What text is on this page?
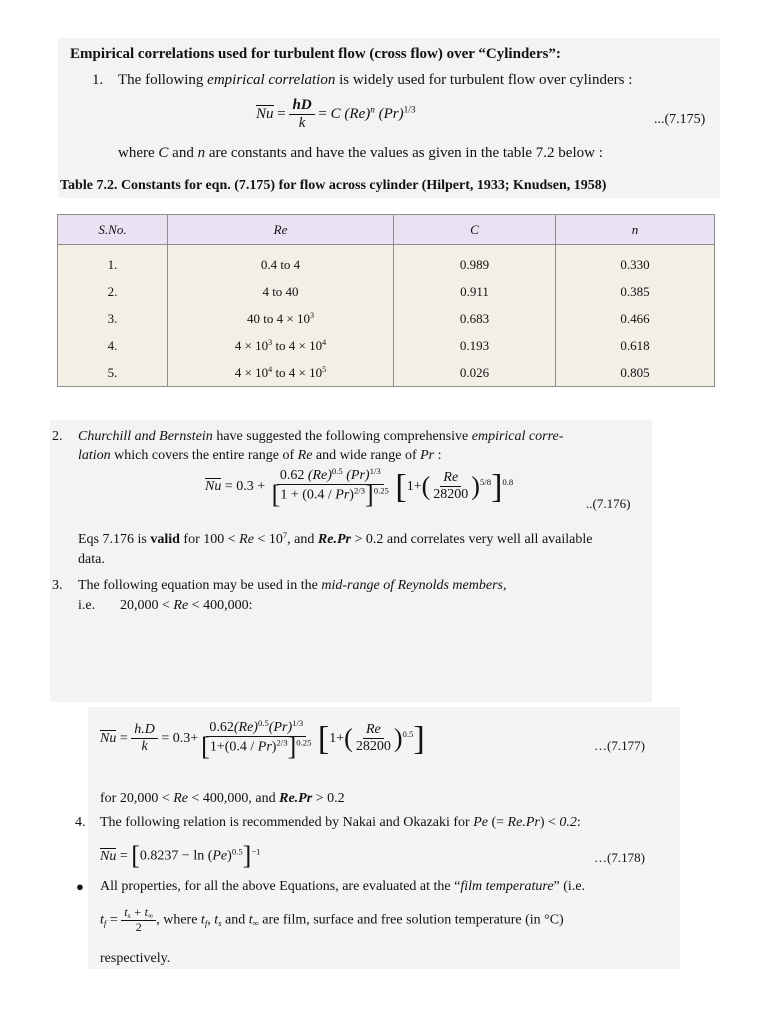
Empirical correlations used for turbulent flow (cross flow) over “Cylinders”:
1. The following empirical correlation is widely used for turbulent flow over cylinders :
$Nu = \frac{hD}{k} = C$ $(Re)^n$ $(Pr)^{1/3}$
...(7.175)
where C and n are constants and have the values as given in the table 7.2 below :
Table 7.2. Constants for eqn. (7.175) for flow across cylinder (Hilpert, 1933; Knudsen, 1958)
S.No.	Re	C	n
1.	0.4 to 4	0.989	0.330
2.	4 to 40	0.911	0.385
3.	40 to $4 \times 10^3$	0.683	0.466
4.	$4 \times 10^3$ to $4 \times 10^4$	0.193	0.618
5.	$4 \times 10^4$ to $4 \times 10^5$	0.026	0.805
2. Churchill and Bernstein have suggested the following comprehensive empirical corre-
lation which covers the entire range of Re and wide range of Pr :
$Nu = 0.3 + \frac{0.62 (Re)^{0.5} (Pr)^{1/3}}{[1 + (0.4 / Pr)^{2/3}]^{0.25}} [1+( \frac{Re}{28200} )^{5/8}]^{0.8}$
..(7.176)
Eqs 7.176 is valid for $100 < Re < 10^7$, and Re.Pr > 0.2 and correlates very well all available
data.
3. The following equation may be used in the mid-range of Reynolds members,
i.e. 20,000 < Re < 400,000:
$Nu = \frac{h.D}{k} = 0.3+ \frac{0.62(Re)^{0.5}(Pr)^{1/3}}{[1+(0.4 / Pr)^{2/3}]^{0.25}} [1+( \frac{Re}{28200} )^{0.5}]$	…(7.177)
for 20,000 < Re < 400,000, and Re.Pr > 0.2
4. The following relation is recommended by Nakai and Okazaki for Pe (= Re.Pr) < 0.2:
$Nu = [0.8237 - \ln (Pe)^{0.5}]^{-1}$	…(7.178)
● All properties, for all the above Equations, are evaluated at the “film temperature” (i.e.
$t_f = \frac{t_s + t_\infty}{2}$ , where $t_f$, $t_s$ and $t_\infty$ are film, surface and free solution temperature (in °C)
respectively.
